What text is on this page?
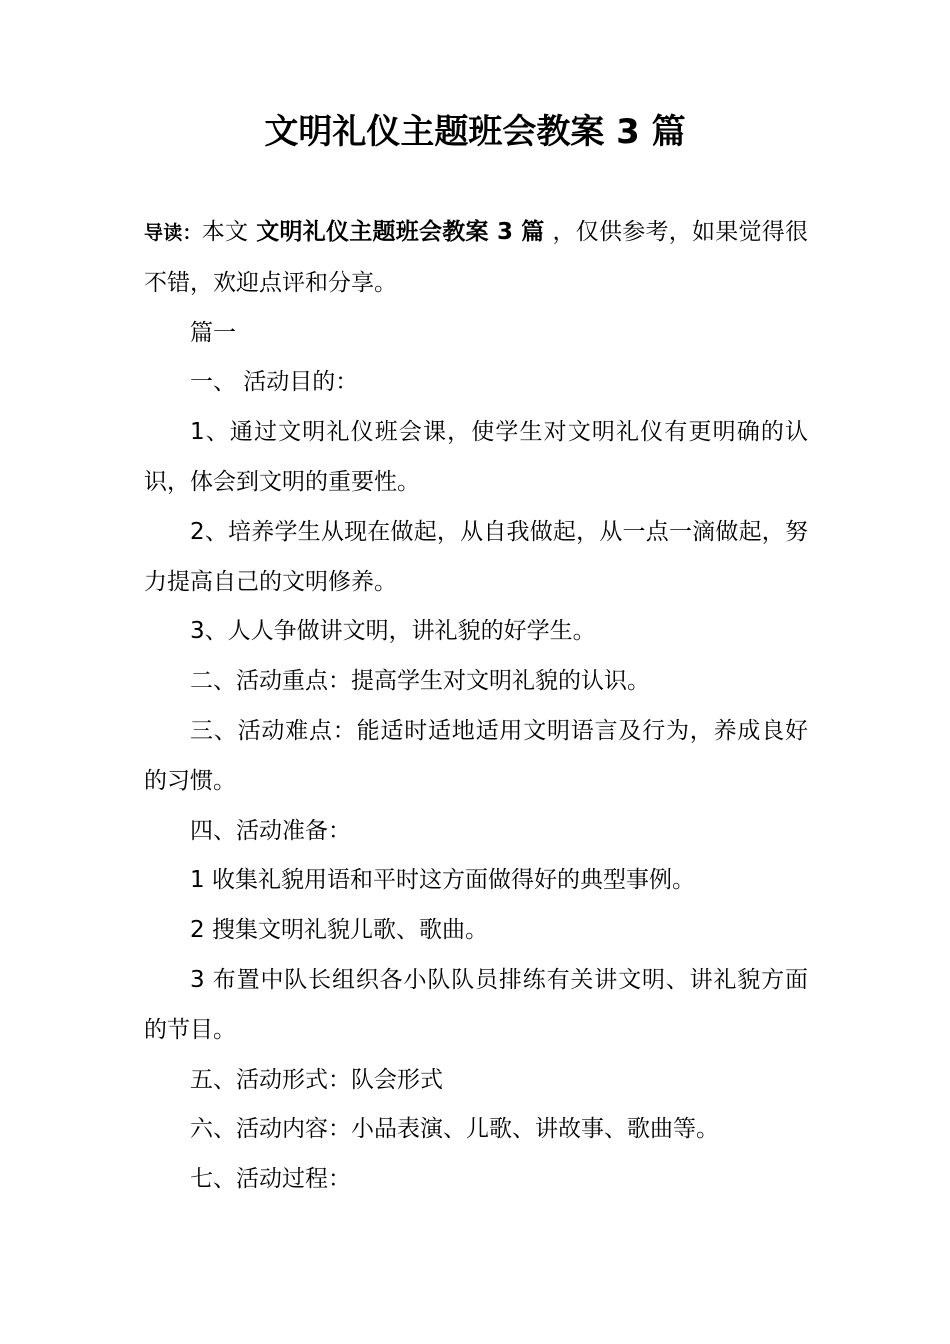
文明礼仪主题班会教案 3 篇

导读：本文 文明礼仪主题班会教案 3 篇 ，仅供参考，如果觉得很不错，欢迎点评和分享。

篇一

一、 活动目的：

1、通过文明礼仪班会课，使学生对文明礼仪有更明确的认识，体会到文明的重要性。

2、培养学生从现在做起，从自我做起，从一点一滴做起，努力提高自己的文明修养。

3、人人争做讲文明，讲礼貌的好学生。

二、活动重点：提高学生对文明礼貌的认识。

三、活动难点：能适时适地适用文明语言及行为，养成良好的习惯。

四、活动准备：

1 收集礼貌用语和平时这方面做得好的典型事例。

2 搜集文明礼貌儿歌、歌曲。

3 布置中队长组织各小队队员排练有关讲文明、讲礼貌方面的节目。

五、活动形式：队会形式

六、活动内容：小品表演、儿歌、讲故事、歌曲等。

七、活动过程：
